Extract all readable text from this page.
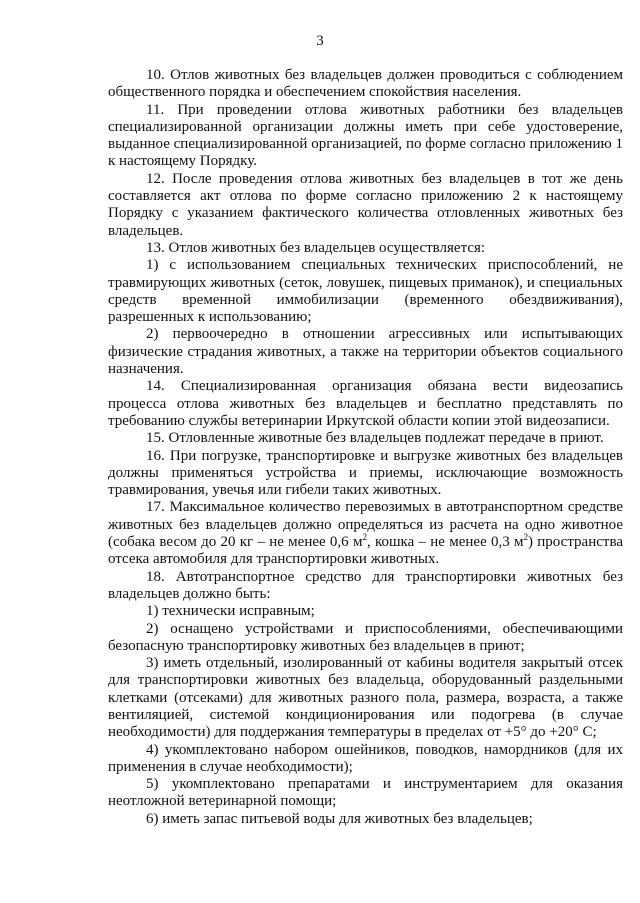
3

10. Отлов животных без владельцев должен проводиться с соблюдением общественного порядка и обеспечением спокойствия населения.

11. При проведении отлова животных работники без владельцев специализированной организации должны иметь при себе удостоверение, выданное специализированной организацией, по форме согласно приложению 1 к настоящему Порядку.

12. После проведения отлова животных без владельцев в тот же день составляется акт отлова по форме согласно приложению 2 к настоящему Порядку с указанием фактического количества отловленных животных без владельцев.

13. Отлов животных без владельцев осуществляется:

1) с использованием специальных технических приспособлений, не травмирующих животных (сеток, ловушек, пищевых приманок), и специальных средств временной иммобилизации (временного обездвиживания), разрешенных к использованию;

2) первоочередно в отношении агрессивных или испытывающих физические страдания животных, а также на территории объектов социального назначения.

14. Специализированная организация обязана вести видеозапись процесса отлова животных без владельцев и бесплатно представлять по требованию службы ветеринарии Иркутской области копии этой видеозаписи.

15. Отловленные животные без владельцев подлежат передаче в приют.

16. При погрузке, транспортировке и выгрузке животных без владельцев должны применяться устройства и приемы, исключающие возможность травмирования, увечья или гибели таких животных.

17. Максимальное количество перевозимых в автотранспортном средстве животных без владельцев должно определяться из расчета на одно животное (собака весом до 20 кг – не менее 0,6 $м^2$, кошка – не менее 0,3 $м^2$) пространства отсека автомобиля для транспортировки животных.

18. Автотранспортное средство для транспортировки животных без владельцев должно быть:

1) технически исправным;

2) оснащено устройствами и приспособлениями, обеспечивающими безопасную транспортировку животных без владельцев в приют;

3) иметь отдельный, изолированный от кабины водителя закрытый отсек для транспортировки животных без владельца, оборудованный раздельными клетками (отсеками) для животных разного пола, размера, возраста, а также вентиляцией, системой кондиционирования или подогрева (в случае необходимости) для поддержания температуры в пределах от +5° до +20° С;

4) укомплектовано набором ошейников, поводков, намордников (для их применения в случае необходимости);

5) укомплектовано препаратами и инструментарием для оказания неотложной ветеринарной помощи;

6) иметь запас питьевой воды для животных без владельцев;
